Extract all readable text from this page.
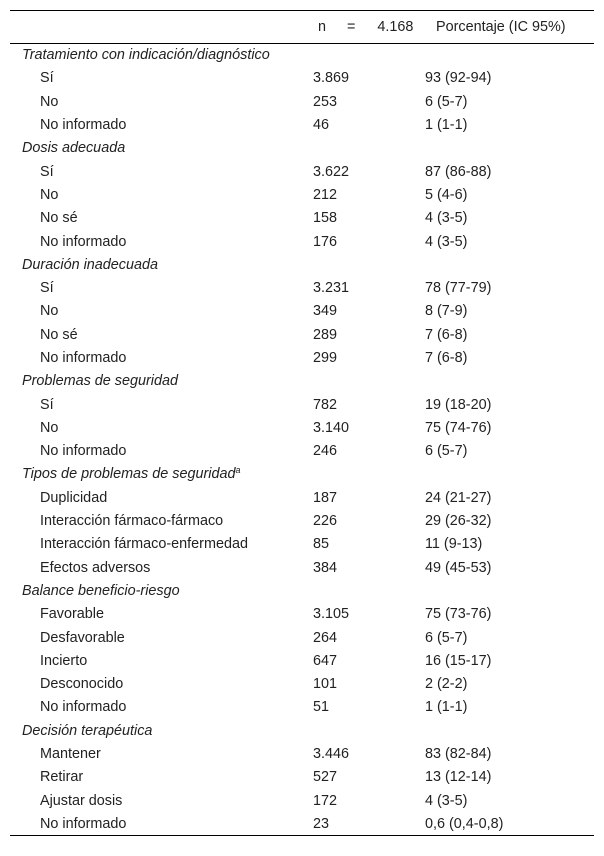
	n = 4.168	Porcentaje (IC 95%)
Tratamiento con indicación/diagnóstico		
Sí	3.869	93 (92-94)
No	253	6 (5-7)
No informado	46	1 (1-1)
Dosis adecuada		
Sí	3.622	87 (86-88)
No	212	5 (4-6)
No sé	158	4 (3-5)
No informado	176	4 (3-5)
Duración inadecuada		
Sí	3.231	78 (77-79)
No	349	8 (7-9)
No sé	289	7 (6-8)
No informado	299	7 (6-8)
Problemas de seguridad		
Sí	782	19 (18-20)
No	3.140	75 (74-76)
No informado	246	6 (5-7)
Tipos de problemas de seguridad$^a$
Duplicidad	187	24 (21-27)
Interacción fármaco-fármaco	226	29 (26-32)
Interacción fármaco-enfermedad	85	11 (9-13)
Efectos adversos	384	49 (45-53)
Balance beneficio-riesgo		
Favorable	3.105	75 (73-76)
Desfavorable	264	6 (5-7)
Incierto	647	16 (15-17)
Desconocido	101	2 (2-2)
No informado	51	1 (1-1)
Decisión terapéutica		
Mantener	3.446	83 (82-84)
Retirar	527	13 (12-14)
Ajustar dosis	172	4 (3-5)
No informado	23	0,6 (0,4-0,8)
